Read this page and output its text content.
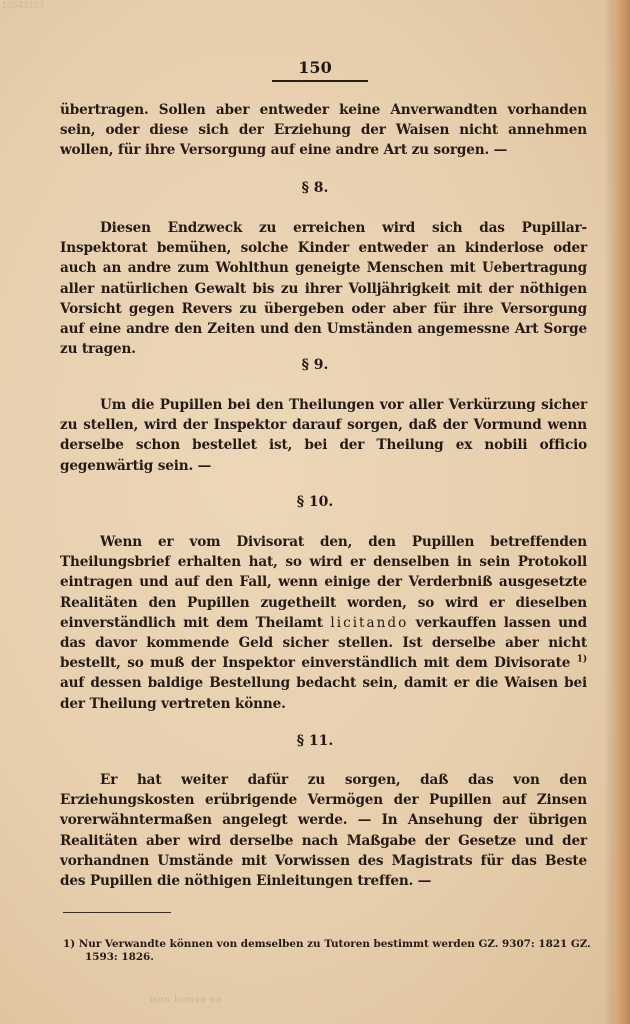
10543323
150
übertragen. Sollen aber entweder keine Anverwandten vorhanden sein, oder diese sich der Erziehung der Waisen nicht annehmen wollen, für ihre Versorgung auf eine andre Art zu sorgen. —
§ 8.
Diesen Endzweck zu erreichen wird sich das Pupillar-Inspektorat bemühen, solche Kinder entweder an kinderlose oder auch an andre zum Wohlthun geneigte Menschen mit Uebertragung aller natürlichen Gewalt bis zu ihrer Volljährigkeit mit der nöthigen Vorsicht gegen Revers zu übergeben oder aber für ihre Versorgung auf eine andre den Zeiten und den Umständen angemessne Art Sorge zu tragen.
§ 9.
Um die Pupillen bei den Theilungen vor aller Verkürzung sicher zu stellen, wird der Inspektor darauf sorgen, daß der Vormund wenn derselbe schon bestellet ist, bei der Theilung ex nobili officio gegenwärtig sein. —
§ 10.
Wenn er vom Divisorat den, den Pupillen betreffenden Theilungsbrief erhalten hat, so wird er denselben in sein Protokoll eintragen und auf den Fall, wenn einige der Verderbniß ausgesetzte Realitäten den Pupillen zugetheilt worden, so wird er dieselben einverständlich mit dem Theilamt licitando verkauffen lassen und das davor kommende Geld sicher stellen. Ist derselbe aber nicht bestellt, so muß der Inspektor einverständlich mit dem Divisorate $^{1)}$ auf dessen baldige Bestellung bedacht sein, damit er die Waisen bei der Theilung vertreten könne.
§ 11.
Er hat weiter dafür zu sorgen, daß das von den Erziehungskosten erübrigende Vermögen der Pupillen auf Zinsen vorerwähntermaßen angelegt werde. — In Ansehung der übrigen Realitäten aber wird derselbe nach Maßgabe der Gesetze und der vorhandnen Umstände mit Vorwissen des Magistrats für das Beste des Pupillen die nöthigen Einleitungen treffen. —
1) Nur Verwandte können von demselben zu Tutoren bestimmt werden GZ. 9307: 1821 GZ.
1593: 1826.
mon homon no
